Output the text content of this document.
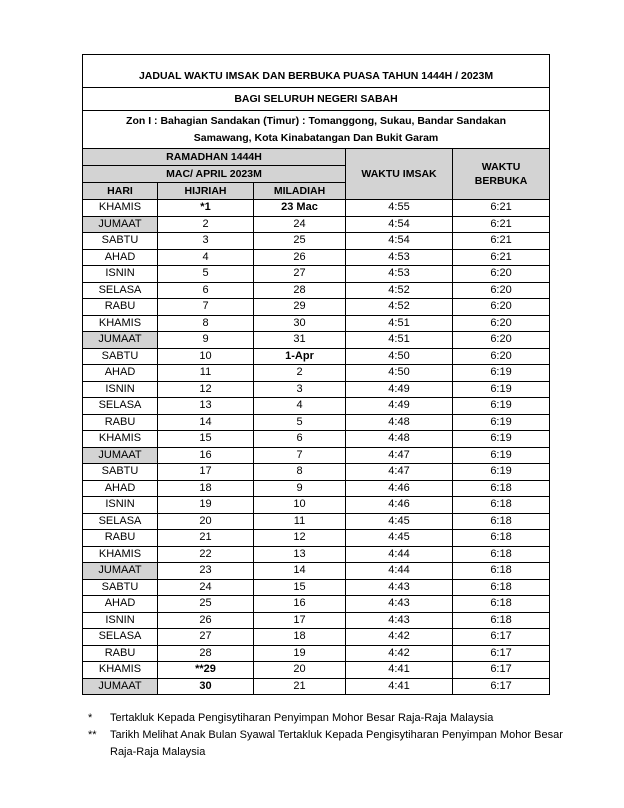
JADUAL WAKTU IMSAK DAN BERBUKA PUASA TAHUN 1444H / 2023M				
BAGI SELURUH NEGERI SABAH				

Zon I : Bahagian Sandakan (Timur) : Tomanggong, Sukau, Bandar Sandakan
Samawang, Kota Kinabatangan Dan Bukit Garam				

RAMADHAN 1444H			WAKTU IMSAK	WAKTU
BERBUKA

MAC/ APRIL 2023M				
HARI	HIJRIAH	MILADIAH		
KHAMIS	*1	23 Mac	4:55	6:21
JUMAAT	2	24	4:54	6:21
SABTU	3	25	4:54	6:21
AHAD	4	26	4:53	6:21
ISNIN	5	27	4:53	6:20
SELASA	6	28	4:52	6:20
RABU	7	29	4:52	6:20
KHAMIS	8	30	4:51	6:20
JUMAAT	9	31	4:51	6:20
SABTU	10	1-Apr	4:50	6:20
AHAD	11	2	4:50	6:19
ISNIN	12	3	4:49	6:19
SELASA	13	4	4:49	6:19
RABU	14	5	4:48	6:19
KHAMIS	15	6	4:48	6:19
JUMAAT	16	7	4:47	6:19
SABTU	17	8	4:47	6:19
AHAD	18	9	4:46	6:18
ISNIN	19	10	4:46	6:18
SELASA	20	11	4:45	6:18
RABU	21	12	4:45	6:18
KHAMIS	22	13	4:44	6:18
JUMAAT	23	14	4:44	6:18
SABTU	24	15	4:43	6:18
AHAD	25	16	4:43	6:18
ISNIN	26	17	4:43	6:18
SELASA	27	18	4:42	6:17
RABU	28	19	4:42	6:17
KHAMIS	**29	20	4:41	6:17
JUMAAT	30	21	4:41	6:17
*	Tertakluk Kepada Pengisytiharan Penyimpan Mohor Besar Raja-Raja Malaysia
**	Tarikh Melihat Anak Bulan Syawal Tertakluk Kepada Pengisytiharan Penyimpan Mohor Besar Raja-Raja Malaysia
